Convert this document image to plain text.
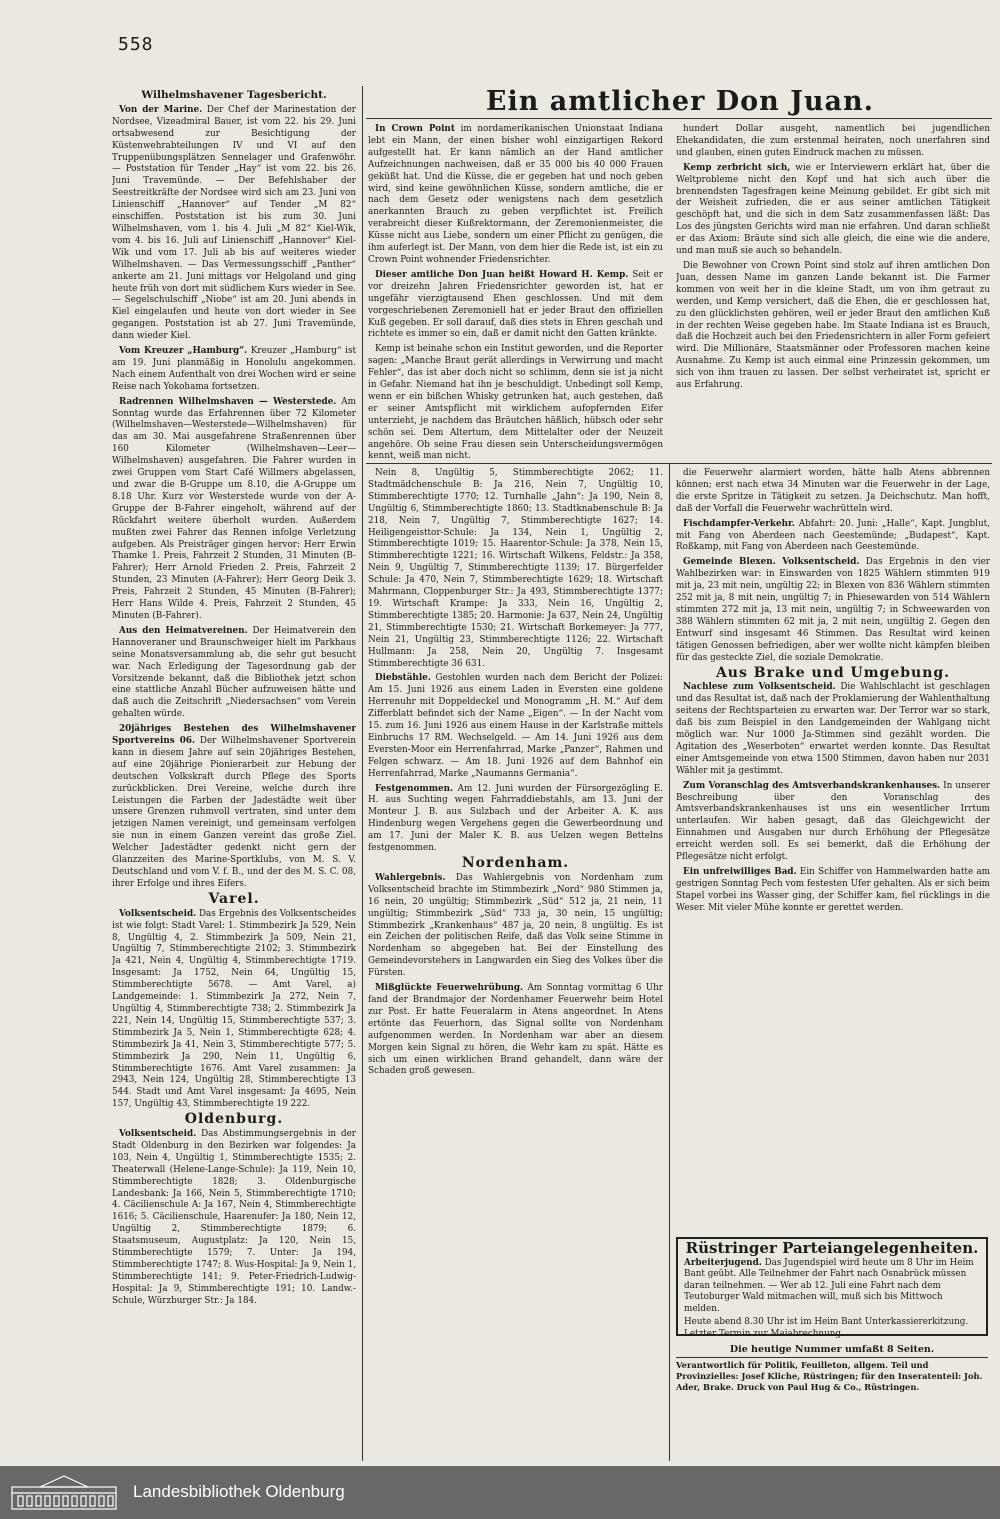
558
Ein amtlicher Don Juan.

Wilhelmshavener Tagesbericht.

Von der Marine. Der Chef der Marinestation der Nordsee, Vizeadmiral Bauer, ist vom 22. bis 29. Juni ortsabwesend zur Besichtigung der Küstenwehrabteilungen IV und VI auf den Truppenübungsplätzen Sennelager und Grafenwöhr. — Poststation für Tender „Hay“ ist vom 22. bis 26. Juni Travemünde. — Der Befehlshaber der Seestreitkräfte der Nordsee wird sich am 23. Juni von Linienschiff „Hannover“ auf Tender „M 82“ einschiffen. Poststation ist bis zum 30. Juni Wilhelmshaven, vom 1. bis 4. Juli „M 82“ Kiel-Wik, vom 4. bis 16. Juli auf Linienschiff „Hannover“ Kiel-Wik und vom 17. Juli ab bis auf weiteres wieder Wilhelmshaven. — Das Vermessungsschiff „Panther“ ankerte am 21. Juni mittags vor Helgoland und ging heute früh von dort mit südlichem Kurs wieder in See. — Segelschulschiff „Niobe“ ist am 20. Juni abends in Kiel eingelaufen und heute von dort wieder in See gegangen. Poststation ist ab 27. Juni Travemünde, dann wieder Kiel.

Vom Kreuzer „Hamburg“. Kreuzer „Hamburg“ ist am 19. Juni planmäßig in Honolulu angekommen. Nach einem Aufenthalt von drei Wochen wird er seine Reise nach Yokohama fortsetzen.

Radrennen Wilhelmshaven — Westerstede. Am Sonntag wurde das Erfahrennen über 72 Kilometer (Wilhelmshaven—Westerstede—Wilhelmshaven) für das am 30. Mai ausgefahrene Straßenrennen über 160 Kilometer (Wilhelmshaven—Leer—Wilhelmshaven) ausgefahren. Die Fahrer wurden in zwei Gruppen vom Start Café Willmers abgelassen, und zwar die B-Gruppe um 8.10, die A-Gruppe um 8.18 Uhr. Kurz vor Westerstede wurde von der A-Gruppe der B-Fahrer eingeholt, während auf der Rückfahrt weitere überholt wurden. Außerdem mußten zwei Fahrer das Rennen infolge Verletzung aufgeben. Als Preisträger gingen hervor: Herr Erwin Thamke 1. Preis, Fahrzeit 2 Stunden, 31 Minuten (B-Fahrer); Herr Arnold Frieden 2. Preis, Fahrzeit 2 Stunden, 23 Minuten (A-Fahrer); Herr Georg Deik 3. Preis, Fahrzeit 2 Stunden, 45 Minuten (B-Fahrer); Herr Hans Wilde 4. Preis, Fahrzeit 2 Stunden, 45 Minuten (B-Fahrer).

Aus den Heimatvereinen. Der Heimatverein den Hannoveraner und Braunschweiger hielt im Parkhaus seine Monatsversammlung ab, die sehr gut besucht war. Nach Erledigung der Tagesordnung gab der Vorsitzende bekannt, daß die Bibliothek jetzt schon eine stattliche Anzahl Bücher aufzuweisen hätte und daß auch die Zeitschrift „Niedersachsen“ vom Verein gehalten würde.

20jähriges Bestehen des Wilhelmshavener Sportvereins 06. Der Wilhelmshavener Sportverein kann in diesem Jahre auf sein 20jähriges Bestehen, auf eine 20jährige Pionierarbeit zur Hebung der deutschen Volkskraft durch Pflege des Sports zurückblicken. Drei Vereine, welche durch ihre Leistungen die Farben der Jadestädte weit über unsere Grenzen ruhmvoll vertraten, sind unter dem jetzigen Namen vereinigt, und gemeinsam verfolgen sie nun in einem Ganzen vereint das große Ziel. Welcher Jadestädter gedenkt nicht gern der Glanzzeiten des Marine-Sportklubs, von M. S. V. Deutschland und vom V. f. B., und der des M. S. C. 08, ihrer Erfolge und ihres Eifers.

Varel.

Volksentscheid. Das Ergebnis des Volksentscheides ist wie folgt: Stadt Varel: 1. Stimmbezirk Ja 529, Nein 8, Ungültig 4, 2. Stimmbezirk Ja 509, Nein 21, Ungültig 7, Stimmberechtigte 2102; 3. Stimmbezirk Ja 421, Nein 4, Ungültig 4, Stimmberechtigte 1719. Insgesamt: Ja 1752, Nein 64, Ungültig 15, Stimmberechtigte 5678. — Amt Varel, a) Landgemeinde: 1. Stimmbezirk Ja 272, Nein 7, Ungültig 4, Stimmberechtigte 738; 2. Stimmbezirk Ja 221, Nein 14, Ungültig 15, Stimmberechtigte 537; 3. Stimmbezirk Ja 5, Nein 1, Stimmberechtigte 628; 4. Stimmbezirk Ja 41, Nein 3, Stimmberechtigte 577; 5. Stimmbezirk Ja 290, Nein 11, Ungültig 6, Stimmberechtigte 1676. Amt Varel zusammen: Ja 2943, Nein 124, Ungültig 28, Stimmberechtigte 13 544. Stadt und Amt Varel insgesamt: Ja 4695, Nein 157, Ungültig 43, Stimmberechtigte 19 222.

Oldenburg.

Volksentscheid. Das Abstimmungsergebnis in der Stadt Oldenburg in den Bezirken war folgendes: Ja 103, Nein 4, Ungültig 1, Stimmberechtigte 1535; 2. Theaterwall (Helene-Lange-Schule): Ja 119, Nein 10, Stimmberechtigte 1828; 3. Oldenburgische Landesbank: Ja 166, Nein 5, Stimmberechtigte 1710; 4. Cäcilienschule A: Ja 167, Nein 4, Stimmberechtigte 1616; 5. Cäcilienschule, Haarenufer: Ja 180, Nein 12, Ungültig 2, Stimmberechtigte 1879; 6. Staatsmuseum, Augustplatz: Ja 120, Nein 15, Stimmberechtigte 1579; 7. Unter: Ja 194, Stimmberechtigte 1747; 8. Wus-Hospital: Ja 9, Nein 1, Stimmberechtigte 141; 9. Peter-Friedrich-Ludwig-Hospital: Ja 9, Stimmberechtigte 191; 10. Landw.-Schule, Würzburger Str.: Ja 184.

In Crown Point im nordamerikanischen Unionstaat Indiana lebt ein Mann, der einen bisher wohl einzigartigen Rekord aufgestellt hat. Er kann nämlich an der Hand amtlicher Aufzeichnungen nachweisen, daß er 35 000 bis 40 000 Frauen geküßt hat. Und die Küsse, die er gegeben hat und noch geben wird, sind keine gewöhnlichen Küsse, sondern amtliche, die er nach dem Gesetz oder wenigstens nach dem gesetzlich anerkannten Brauch zu geben verpflichtet ist. Freilich verabreicht dieser Kußrektormann, der Zeremonienmeister, die Küsse nicht aus Liebe, sondern um einer Pflicht zu genügen, die ihm auferlegt ist. Der Mann, von dem hier die Rede ist, ist ein zu Crown Point wohnender Friedensrichter.

Dieser amtliche Don Juan heißt Howard H. Kemp. Seit er vor dreizehn Jahren Friedensrichter geworden ist, hat er ungefähr vierzigtausend Ehen geschlossen. Und mit dem vorgeschriebenen Zeremoniell hat er jeder Braut den offiziellen Kuß gegeben. Er soll darauf, daß dies stets in Ehren geschah und richtete es immer so ein, daß er damit nicht den Gatten kränkte.

Kemp ist beinahe schon ein Institut geworden, und die Reporter sagen: „Manche Braut gerät allerdings in Verwirrung und macht Fehler“, das ist aber doch nicht so schlimm, denn sie ist ja nicht in Gefahr. Niemand hat ihn je beschuldigt. Unbedingt soll Kemp, wenn er ein bißchen Whisky getrunken hat, auch gestehen, daß er seiner Amtspflicht mit wirklichem aufopfernden Eifer unterzieht, je nachdem das Bräutchen häßlich, hübsch oder sehr schön sei. Dem Altertum, dem Mittelalter oder der Neuzeit angehöre. Ob seine Frau diesen sein Unterscheidungsvermögen kennt, weiß man nicht.

hundert Dollar ausgeht, namentlich bei jugendlichen Ehekandidaten, die zum erstenmal heiraten, noch unerfahren sind und glauben, einen guten Eindruck machen zu müssen.

Kemp zerbricht sich, wie er Interviewern erklärt hat, über die Weltprobleme nicht den Kopf und hat sich auch über die brennendsten Tagesfragen keine Meinung gebildet. Er gibt sich mit der Weisheit zufrieden, die er aus seiner amtlichen Tätigkeit geschöpft hat, und die sich in dem Satz zusammenfassen läßt: Das Los des jüngsten Gerichts wird man nie erfahren. Und daran schließt er das Axiom: Bräute sind sich alle gleich, die eine wie die andere, und man muß sie auch so behandeln.

Die Bewohner von Crown Point sind stolz auf ihren amtlichen Don Juan, dessen Name im ganzen Lande bekannt ist. Die Farmer kommen von weit her in die kleine Stadt, um von ihm getraut zu werden, und Kemp versichert, daß die Ehen, die er geschlossen hat, zu den glücklichsten gehören, weil er jeder Braut den amtlichen Kuß in der rechten Weise gegeben habe. Im Staate Indiana ist es Brauch, daß die Hochzeit auch bei den Friedensrichtern in aller Form gefeiert wird. Die Millionäre, Staatsmänner oder Professoren machen keine Ausnahme. Zu Kemp ist auch einmal eine Prinzessin gekommen, um sich von ihm trauen zu lassen. Der selbst verheiratet ist, spricht er aus Erfahrung.

Nein 8, Ungültig 5, Stimmberechtigte 2062; 11. Stadtmädchenschule B: Ja 216, Nein 7, Ungültig 10, Stimmberechtigte 1770; 12. Turnhalle „Jahn“: Ja 190, Nein 8, Ungültig 6, Stimmberechtigte 1860; 13. Stadtknabenschule B: Ja 218, Nein 7, Ungültig 7, Stimmberechtigte 1627; 14. Heiligengeisttor-Schule: Ja 134, Nein 1, Ungültig 2, Stimmberechtigte 1019; 15. Haarentor-Schule: Ja 378, Nein 15, Stimmberechtigte 1221; 16. Wirtschaft Wilkens, Feldstr.: Ja 358, Nein 9, Ungültig 7, Stimmberechtigte 1139; 17. Bürgerfelder Schule: Ja 470, Nein 7, Stimmberechtigte 1629; 18. Wirtschaft Mahrmann, Cloppenburger Str.: Ja 493, Stimmberechtigte 1377; 19. Wirtschaft Krampe: Ja 333, Nein 16, Ungültig 2, Stimmberechtigte 1385; 20. Harmonie: Ja 637, Nein 24, Ungültig 21, Stimmberechtigte 1530; 21. Wirtschaft Borkemeyer: Ja 777, Nein 21, Ungültig 23, Stimmberechtigte 1126; 22. Wirtschaft Hullmann: Ja 258, Nein 20, Ungültig 7. Insgesamt Stimmberechtigte 36 631.

Diebstähle. Gestohlen wurden nach dem Bericht der Polizei: Am 15. Juni 1926 aus einem Laden in Eversten eine goldene Herrenuhr mit Doppeldeckel und Monogramm „H. M.“ Auf dem Zifferblatt befindet sich der Name „Eigen“. — In der Nacht vom 15. zum 16. Juni 1926 aus einem Hause in der Karlstraße mittels Einbruchs 17 RM. Wechselgeld. — Am 14. Juni 1926 aus dem Eversten-Moor ein Herrenfahrrad, Marke „Panzer“, Rahmen und Felgen schwarz. — Am 18. Juni 1926 auf dem Bahnhof ein Herrenfahrrad, Marke „Naumanns Germania“.

Festgenommen. Am 12. Juni wurden der Fürsorgezögling E. H. aus Suchting wegen Fahrraddiebstahls, am 13. Juni der Monteur J. B. aus Sulzbach und der Arbeiter A. K. aus Hindenburg wegen Vergehens gegen die Gewerbeordnung und am 17. Juni der Maler K. B. aus Uelzen wegen Bettelns festgenommen.

Nordenham.

Wahlergebnis. Das Wahlergebnis von Nordenham zum Volksentscheid brachte im Stimmbezirk „Nord“ 980 Stimmen ja, 16 nein, 20 ungültig; Stimmbezirk „Süd“ 512 ja, 21 nein, 11 ungültig; Stimmbezirk „Süd“ 733 ja, 30 nein, 15 ungültig; Stimmbezirk „Krankenhaus“ 487 ja, 20 nein, 8 ungültig. Es ist ein Zeichen der politischen Reife, daß das Volk seine Stimme in Nordenham so abgegeben hat. Bei der Einstellung des Gemeindevorstehers in Langwarden ein Sieg des Volkes über die Fürsten.

Mißglückte Feuerwehrübung. Am Sonntag vormittag 6 Uhr fand der Brandmajor der Nordenhamer Feuerwehr beim Hotel zur Post. Er hatte Feueralarm in Atens angeordnet. In Atens ertönte das Feuerhorn, das Signal sollte von Nordenham aufgenommen werden. In Nordenham war aber an diesem Morgen kein Signal zu hören, die Wehr kam zu spät. Hätte es sich um einen wirklichen Brand gehandelt, dann wäre der Schaden groß gewesen.

die Feuerwehr alarmiert worden, hätte halb Atens abbrennen können; erst nach etwa 34 Minuten war die Feuerwehr in der Lage, die erste Spritze in Tätigkeit zu setzen. Ja Deichschutz. Man hofft, daß der Vorfall die Feuerwehr wachrütteln wird.

Fischdampfer-Verkehr. Abfahrt: 20. Juni: „Halle“, Kapt. Jungblut, mit Fang von Aberdeen nach Geestemünde; „Budapest“, Kapt. Roßkamp, mit Fang von Aberdeen nach Geestemünde.

Gemeinde Blexen. Volksentscheid. Das Ergebnis in den vier Wahlbezirken war: in Einswarden von 1825 Wählern stimmten 919 mit ja, 23 mit nein, ungültig 22; in Blexen von 836 Wählern stimmten 252 mit ja, 8 mit nein, ungültig 7; in Phiesewarden von 514 Wählern stimmten 272 mit ja, 13 mit nein, ungültig 7; in Schweewarden von 388 Wählern stimmten 62 mit ja, 2 mit nein, ungültig 2. Gegen den Entwurf sind insgesamt 46 Stimmen. Das Resultat wird keinen tätigen Genossen befriedigen, aber wer wollte nicht kämpfen bleiben für das gesteckte Ziel, die soziale Demokratie.

Aus Brake und Umgebung.

Nachlese zum Volksentscheid. Die Wahlschlacht ist geschlagen und das Resultat ist, daß nach der Proklamierung der Wahlenthaltung seitens der Rechtsparteien zu erwarten war. Der Terror war so stark, daß bis zum Beispiel in den Landgemeinden der Wahlgang nicht möglich war. Nur 1000 Ja-Stimmen sind gezählt worden. Die Agitation des „Weserboten“ erwartet werden konnte. Das Resultat einer Amtsgemeinde von etwa 1500 Stimmen, davon haben nur 2031 Wähler mit ja gestimmt.

Zum Voranschlag des Amtsverbandskrankenhauses. In unserer Beschreibung über den Voranschlag des Amtsverbandskrankenhauses ist uns ein wesentlicher Irrtum unterlaufen. Wir haben gesagt, daß das Gleichgewicht der Einnahmen und Ausgaben nur durch Erhöhung der Pflegesätze erreicht werden soll. Es sei bemerkt, daß die Erhöhung der Pflegesätze nicht erfolgt.

Ein unfreiwilliges Bad. Ein Schiffer von Hammelwarden hatte am gestrigen Sonntag Pech vom festesten Ufer gehalten. Als er sich beim Stapel vorbei ins Wasser ging, der Schiffer kam, fiel rücklings in die Weser. Mit vieler Mühe konnte er gerettet werden.

Rüstringer Parteiangelegenheiten.

Arbeiterjugend. Das Jugendspiel wird heute um 8 Uhr im Heim Bant geübt. Alle Teilnehmer der Fahrt nach Osnabrück müssen daran teilnehmen. — Wer ab 12. Juli eine Fahrt nach dem Teutoburger Wald mitmachen will, muß sich bis Mittwoch melden.

Heute abend 8.30 Uhr ist im Heim Bant Unterkassiererkitzung. Letzter Termin zur Maiabrechnung.

Die heutige Nummer umfaßt 8 Seiten.
Verantwortlich für Politik, Feuilleton, allgem. Teil und Provinzielles: Josef Kliche, Rüstringen; für den Inseratenteil: Joh. Ader, Brake. Druck von Paul Hug & Co., Rüstringen.
Landesbibliothek Oldenburg
